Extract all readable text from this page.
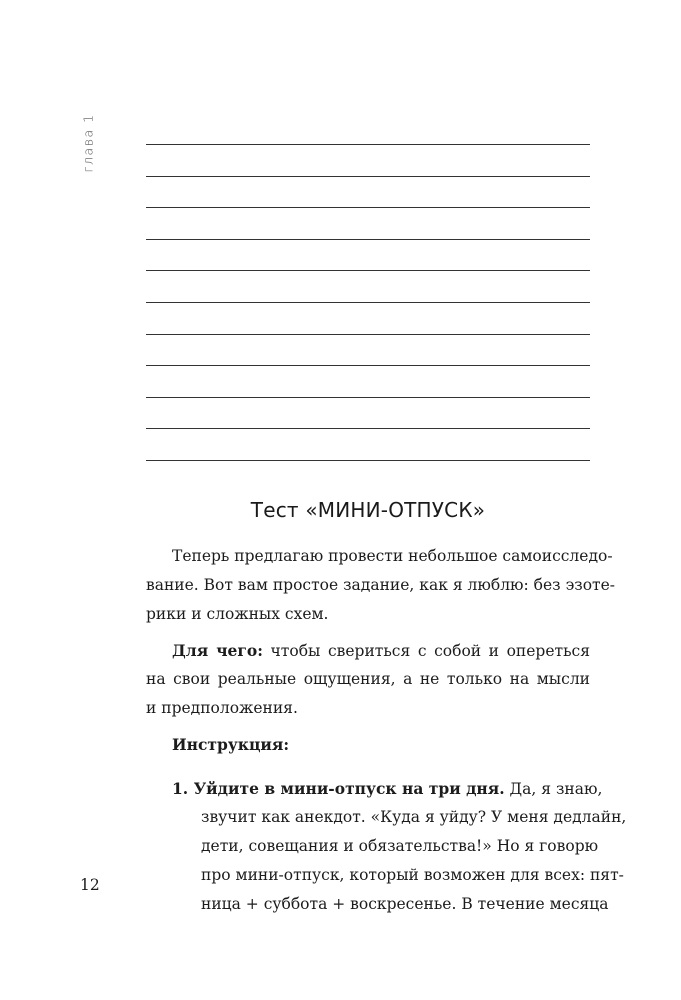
глава 1
Тест «МИНИ-ОТПУСК»
Теперь предлагаю провести небольшое самоисследо-
вание. Вот вам простое задание, как я люблю: без эзоте-
рики и сложных схем.
Для чего: чтобы свериться с собой и опереться
на свои реальные ощущения, а не только на мысли
и предположения.
Инструкция:
1. Уйдите в мини-отпуск на три дня. Да, я знаю,
звучит как анекдот. «Куда я уйду? У меня дедлайн,
дети, совещания и обязательства!» Но я говорю
про мини-отпуск, который возможен для всех: пят-
ница + суббота + воскресенье. В течение месяца
12
